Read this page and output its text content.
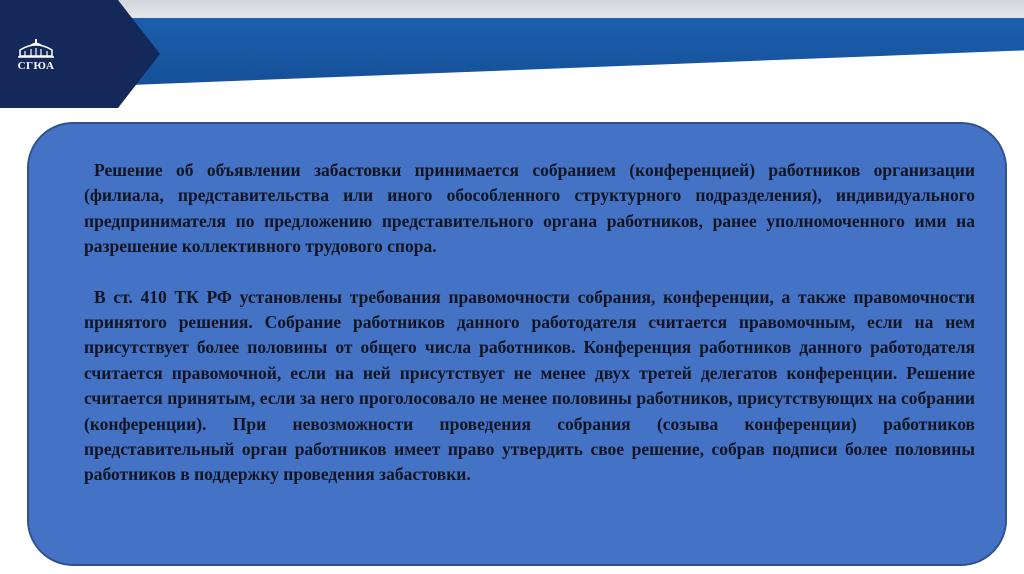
СГЮА

Решение об объявлении забастовки принимается собранием (конференцией) работников организации (филиала, представительства или иного обособленного структурного подразделения), индивидуального предпринимателя по предложению представительного органа работников, ранее уполномоченного ими на разрешение коллективного трудового спора.

В ст. 410 ТК РФ установлены требования правомочности собрания, конференции, а также правомочности принятого решения. Собрание работников данного работодателя считается правомочным, если на нем присутствует более половины от общего числа работников. Конференция работников данного работодателя считается правомочной, если на ней присутствует не менее двух третей делегатов конференции. Решение считается принятым, если за него проголосовало не менее половины работников, присутствующих на собрании (конференции). При невозможности проведения собрания (созыва конференции) работников представительный орган работников имеет право утвердить свое решение, собрав подписи более половины работников в поддержку проведения забастовки.
